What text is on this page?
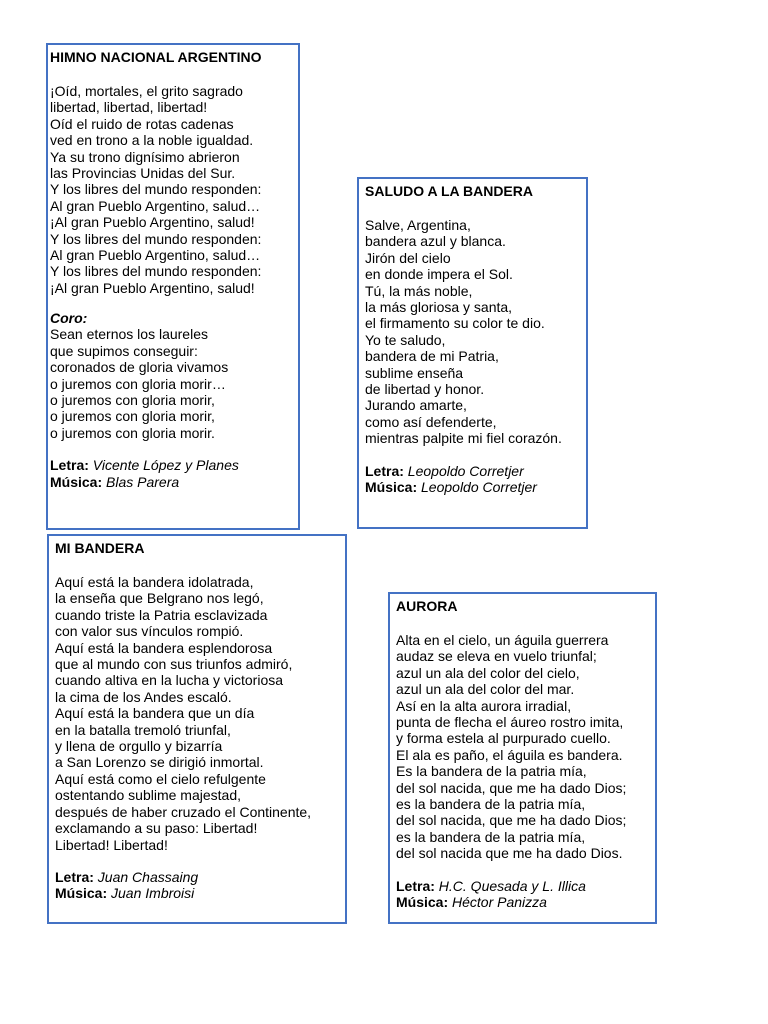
HIMNO NACIONAL ARGENTINO
¡Oíd, mortales, el grito sagrado
libertad, libertad, libertad!
Oíd el ruido de rotas cadenas
ved en trono a la noble igualdad.
Ya su trono dignísimo abrieron
las Provincias Unidas del Sur.
Y los libres del mundo responden:
Al gran Pueblo Argentino, salud…
¡Al gran Pueblo Argentino, salud!
Y los libres del mundo responden:
Al gran Pueblo Argentino, salud…
Y los libres del mundo responden:
¡Al gran Pueblo Argentino, salud!
Coro:
Sean eternos los laureles
que supimos conseguir:
coronados de gloria vivamos
o juremos con gloria morir…
o juremos con gloria morir,
o juremos con gloria morir,
o juremos con gloria morir.
Letra: Vicente López y Planes
Música: Blas Parera
SALUDO A LA BANDERA
Salve, Argentina,
bandera azul y blanca.
Jirón del cielo
en donde impera el Sol.
Tú, la más noble,
la más gloriosa y santa,
el firmamento su color te dio.
Yo te saludo,
bandera de mi Patria,
sublime enseña
de libertad y honor.
Jurando amarte,
como así defenderte,
mientras palpite mi fiel corazón.
Letra: Leopoldo Corretjer
Música: Leopoldo Corretjer
MI BANDERA
Aquí está la bandera idolatrada,
la enseña que Belgrano nos legó,
cuando triste la Patria esclavizada
con valor sus vínculos rompió.
Aquí está la bandera esplendorosa
que al mundo con sus triunfos admiró,
cuando altiva en la lucha y victoriosa
la cima de los Andes escaló.
Aquí está la bandera que un día
en la batalla tremoló triunfal,
y llena de orgullo y bizarría
a San Lorenzo se dirigió inmortal.
Aquí está como el cielo refulgente
ostentando sublime majestad,
después de haber cruzado el Continente,
exclamando a su paso: Libertad!
Libertad! Libertad!
Letra: Juan Chassaing
Música: Juan Imbroisi
AURORA
Alta en el cielo, un águila guerrera
audaz se eleva en vuelo triunfal;
azul un ala del color del cielo,
azul un ala del color del mar.
Así en la alta aurora irradial,
punta de flecha el áureo rostro imita,
y forma estela al purpurado cuello.
El ala es paño, el águila es bandera.
Es la bandera de la patria mía,
del sol nacida, que me ha dado Dios;
es la bandera de la patria mía,
del sol nacida, que me ha dado Dios;
es la bandera de la patria mía,
del sol nacida que me ha dado Dios.
Letra: H.C. Quesada y L. Illica
Música: Héctor Panizza
